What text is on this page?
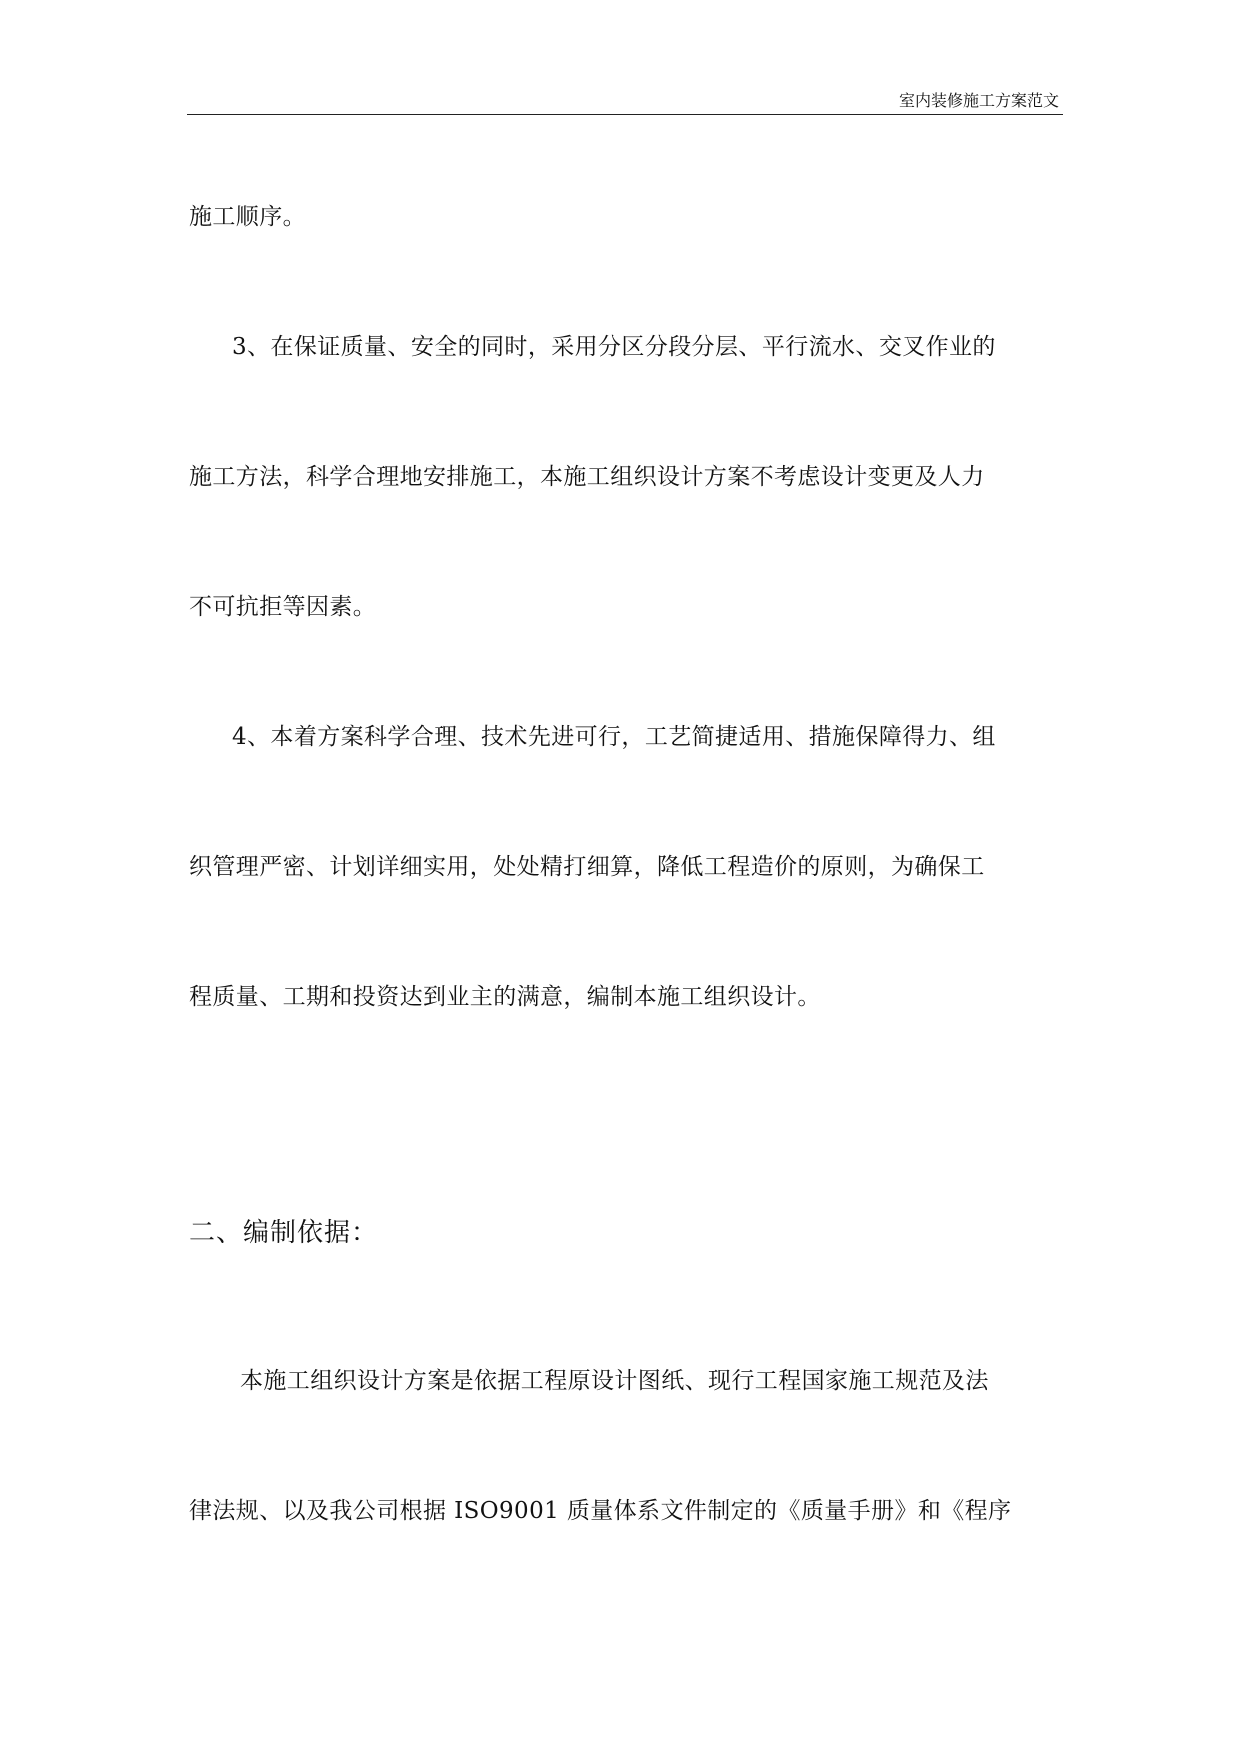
室内装修施工方案范文
施工顺序。
3、在保证质量、安全的同时，采用分区分段分层、平行流水、交叉作业的
施工方法，科学合理地安排施工，本施工组织设计方案不考虑设计变更及人力
不可抗拒等因素。
4、本着方案科学合理、技术先进可行，工艺简捷适用、措施保障得力、组
织管理严密、计划详细实用，处处精打细算，降低工程造价的原则，为确保工
程质量、工期和投资达到业主的满意，编制本施工组织设计。
二、编制依据：
本施工组织设计方案是依据工程原设计图纸、现行工程国家施工规范及法
律法规、以及我公司根据 ISO9001 质量体系文件制定的《质量手册》和《程序
